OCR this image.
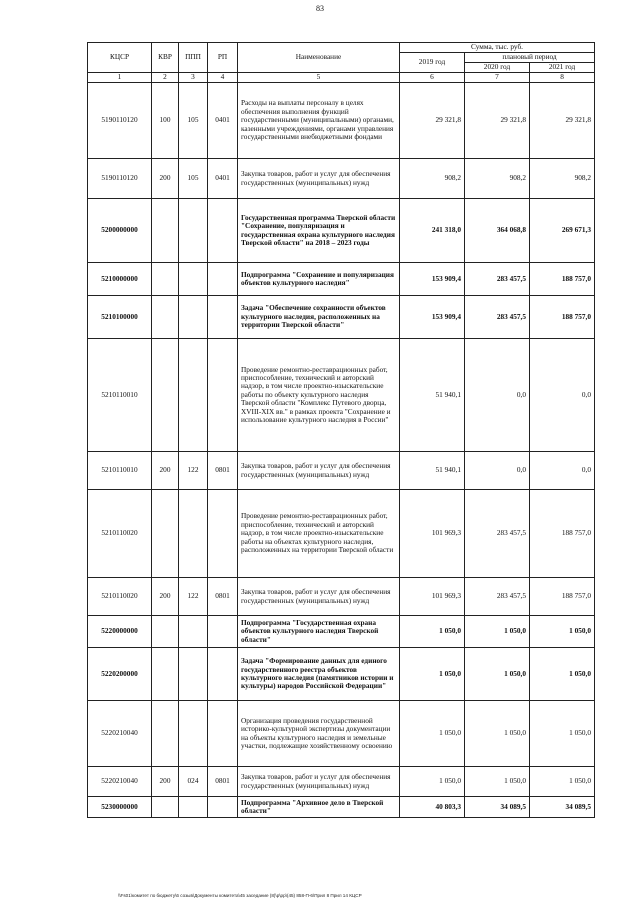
83
КЦСР	КВР	ППП	РП	Наименование	Сумма, тыс. руб.		
					2019 год	плановый период	
						2020 год	2021 год
1	2	3	4	5	6	7	8
5190110120	100	105	0401	Расходы на выплаты персоналу в целях обеспечения выполнения функций государственными (муниципальными) органами, казенными учреждениями, органами управления государственными внебюджетными фондами	29 321,8	29 321,8	29 321,8
5190110120	200	105	0401	Закупка товаров, работ и услуг для обеспечения государственных (муниципальных) нужд	908,2	908,2	908,2
5200000000				Государственная программа Тверской области "Сохранение, популяризация и государственная охрана культурного наследия Тверской области" на 2018 – 2023 годы	241 318,0	364 068,8	269 671,3
5210000000				Подпрограмма "Сохранение и популяризация объектов культурного наследия"	153 909,4	283 457,5	188 757,0
5210100000				Задача "Обеспечение сохранности объектов культурного наследия, расположенных на территории Тверской области"	153 909,4	283 457,5	188 757,0
5210110010				Проведение ремонтно-реставрационных работ, приспособление, технический и авторский надзор, в том числе проектно-изыскательские работы по объекту культурного наследия Тверской области "Комплекс Путевого дворца, XVIII-XIX вв." в рамках проекта "Сохранение и использование культурного наследия в России"	51 940,1	0,0	0,0
5210110010	200	122	0801	Закупка товаров, работ и услуг для обеспечения государственных (муниципальных) нужд	51 940,1	0,0	0,0
5210110020				Проведение ремонтно-реставрационных работ, приспособление, технический и авторский надзор, в том числе проектно-изыскательские работы на объектах культурного наследия, расположенных на территории Тверской области	101 969,3	283 457,5	188 757,0
5210110020	200	122	0801	Закупка товаров, работ и услуг для обеспечения государственных (муниципальных) нужд	101 969,3	283 457,5	188 757,0
5220000000				Подпрограмма "Государственная охрана объектов культурного наследия Тверской области"	1 050,0	1 050,0	1 050,0
5220200000				Задача "Формирование данных для единого государственного реестра объектов культурного наследия (памятников истории и культуры) народов Российской Федерации"	1 050,0	1 050,0	1 050,0
5220210040				Организация проведения государственной историко-культурной экспертизы документации на объекты культурного наследия и земельные участки, подлежащие хозяйственному освоению	1 050,0	1 050,0	1 050,0
5220210040	200	024	0801	Закупка товаров, работ и услуг для обеспечения государственных (муниципальных) нужд	1 050,0	1 050,0	1 050,0
5230000000				Подпрограмма "Архивное дело в Тверской области"	40 803,3	34 089,5	34 089,5
\\Fs01\комитет по бюджету\6 созыв\Документы комитета\45 заседание (8)\р\рр\(45) 858-П-6\Прил 8 Прил 14 КЦСР
